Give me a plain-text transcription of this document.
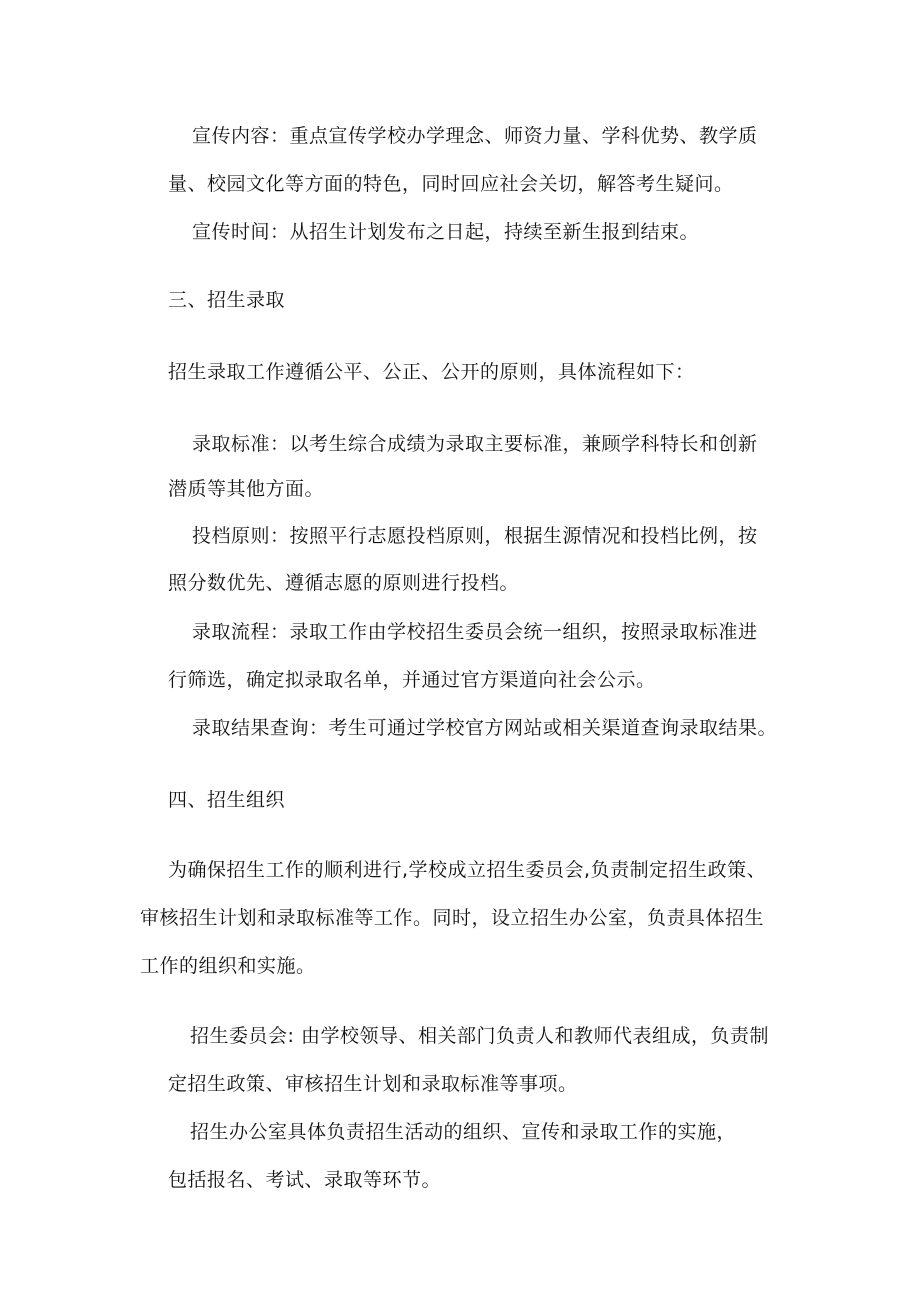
宣传内容：重点宣传学校办学理念、师资力量、学科优势、教学质
量、校园文化等方面的特色，同时回应社会关切，解答考生疑问。
宣传时间：从招生计划发布之日起，持续至新生报到结束。
三、招生录取
招生录取工作遵循公平、公正、公开的原则，具体流程如下：
录取标准：以考生综合成绩为录取主要标准，兼顾学科特长和创新
潜质等其他方面。
投档原则：按照平行志愿投档原则，根据生源情况和投档比例，按
照分数优先、遵循志愿的原则进行投档。
录取流程：录取工作由学校招生委员会统一组织，按照录取标准进
行筛选，确定拟录取名单，并通过官方渠道向社会公示。
录取结果查询：考生可通过学校官方网站或相关渠道查询录取结果。
四、招生组织
为确保招生工作的顺利进行,学校成立招生委员会,负责制定招生政策、
审核招生计划和录取标准等工作。同时，设立招生办公室，负责具体招生
工作的组织和实施。
招生委员会: 由学校领导、相关部门负责人和教师代表组成，负责制
定招生政策、审核招生计划和录取标准等事项。
招生办公室具体负责招生活动的组织、宣传和录取工作的实施，
包括报名、考试、录取等环节。
